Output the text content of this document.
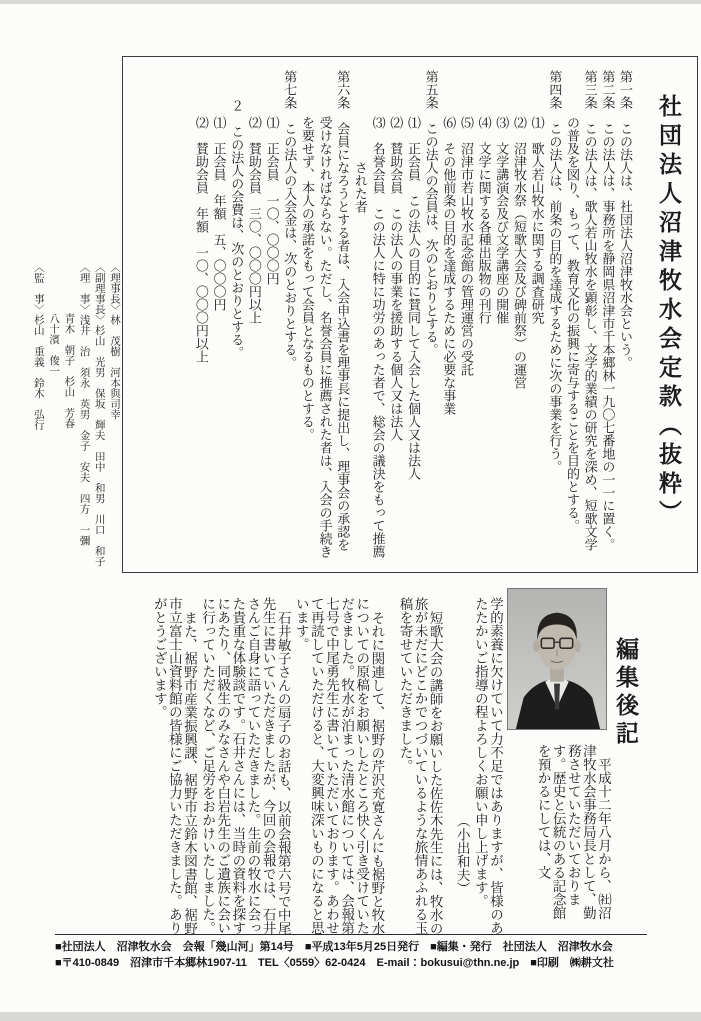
社団法人沼津牧水会定款（抜粋）

第一条　この法人は、社団法人沼津牧水会という。

第二条　この法人は、事務所を静岡県沼津市千本郷林一九〇七番地の一一に置く。

第三条　この法人は、歌人若山牧水を顕彰し、文学的業績の研究を深め、短歌文学の普及を図り、もって、教育文化の振興に寄与することを目的とする。

第四条　この法人は、前条の目的を達成するために次の事業を行う。

⑴　歌人若山牧水に関する調査研究

⑵　沼津牧水祭（短歌大会及び碑前祭）の運営

⑶　文学講演会及び文学講座の開催

⑷　文学に関する各種出版物の刊行

⑸　沼津市若山牧水記念館の管理運営の受託

⑹　その他前条の目的を達成するために必要な事業

第五条　この法人の会員は、次のとおりとする。

⑴　正会員　この法人の目的に賛同して入会した個人又は法人

⑵　賛助会員　この法人の事業を援助する個人又は法人

⑶　名誉会員　この法人に特に功労のあった者で、総会の議決をもって推薦された者

第六条　会員になろうとする者は、入会申込書を理事長に提出し、理事会の承認を受けなければならない。ただし、名誉会員に推薦された者は、入会の手続きを要せず、本人の承諾をもって会員となるものとする。

第七条　この法人の入会金は、次のとおりとする。

⑴　正会員　一〇、〇〇〇円

⑵　賛助会員　三〇、〇〇〇円以上

２　この法人の会費は、次のとおりとする。

⑴　正会員　年額　五、〇〇〇円

⑵　賛助会員　年額　一〇、〇〇〇円以上

〈理事長〉林　茂樹　河本與司幸

〈副理事長〉杉山　光男　保坂　輝夫　田中　和男　川口　和子

〈理　事〉浅井　治　須永　英男　金子　安夫　四方　一彌

青木　朝子　杉山　芳春

八十濱　俊一

〈監　事〉杉山　重義　鈴木　弘行

編集後記
　平成十二年八月から、㈳沼津牧水会事務局長として、勤務させていただいております。歴史と伝統のある記念館を預かるにしては、文

学的素養に欠けていて力不足ではありますが、皆様のあたたかいご指導の程よろしくお願い申し上げます。

（小出和夫）

短歌大会の講師をお願いした佐佐木先生には、牧水の旅が未だにどこかでつづいているような旅情あふれる玉稿を寄せていただきました。

それに関連して、裾野の芹沢充寛さんにも裾野と牧水についての原稿をお願いしたところ快く引き受けていただきました。牧水が泊まった清水館については、会報第七号で中尾勇先生に書いていただいております。あわせて再読していただけると、大変興味深いものになると思います。

石井敏子さんの扇子のお話も、以前会報第六号で中尾先生に書いていただきましたが、今回の会報では、石井さんご自身に語っていただきました。生前の牧水に会った貴重な体験談です。石井さんには、当時の資料を探すにあたり、同級生のみなさんや白岩先生のご遺族に会いに行っていただくなど、ご足労をおかけいたしました。

また、裾野市産業振興課、裾野市立鈴木図書館、裾野市立富士山資料館の皆様にご協力いただきました。ありがとうございます。

■社団法人　沼津牧水会　会報「幾山河」第14号　■平成13年5月25日発行　■編集・発行　社団法人　沼津牧水会
■〒410-0849　沼津市千本郷林1907-11　TEL〈0559〉62-0424　E-mail：bokusui@thn.ne.jp　■印刷　㈱耕文社
